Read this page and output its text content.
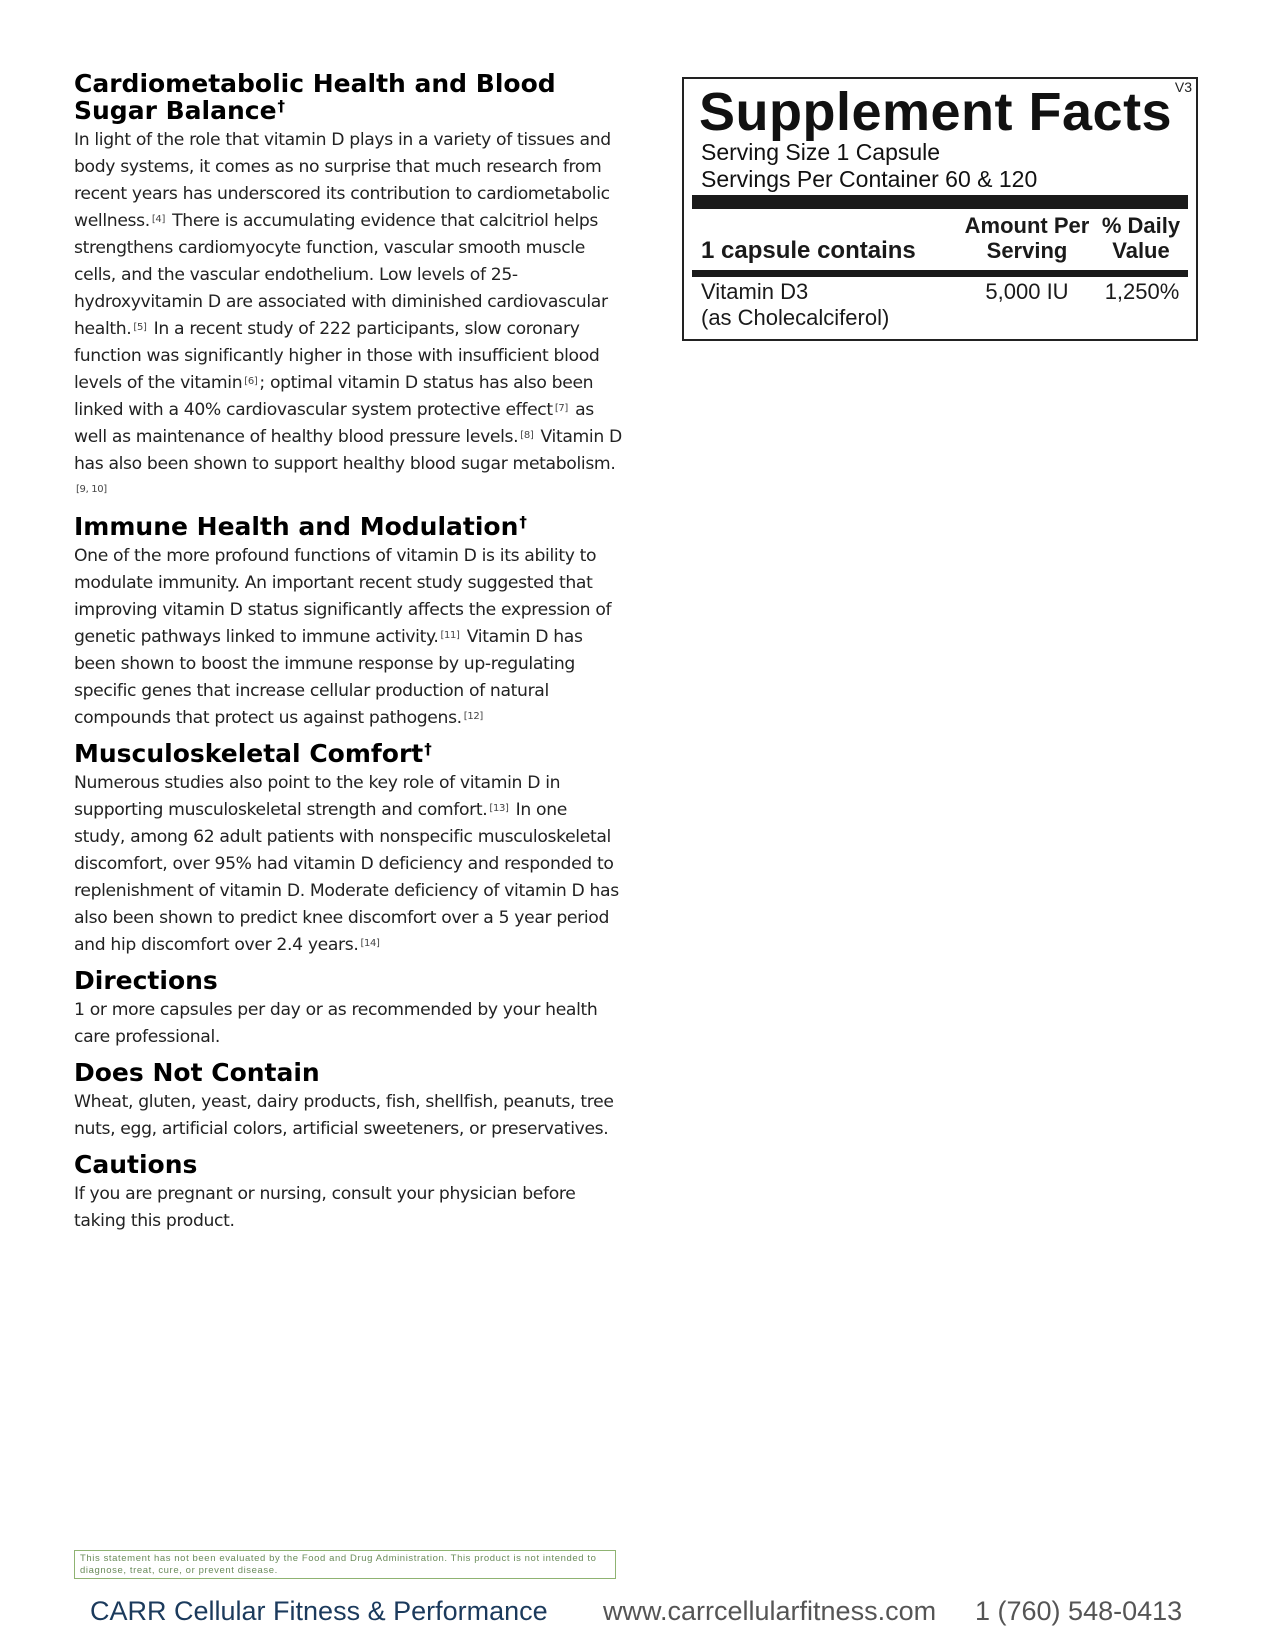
Cardiometabolic Health and Blood Sugar Balance†

In light of the role that vitamin D plays in a variety of tissues and body systems, it comes as no surprise that much research from recent years has underscored its contribution to cardiometabolic wellness. [4] There is accumulating evidence that calcitriol helps strengthens cardiomyocyte function, vascular smooth muscle cells, and the vascular endothelium. Low levels of 25-hydroxyvitamin D are associated with diminished cardiovascular health. [5] In a recent study of 222 participants, slow coronary function was significantly higher in those with insufficient blood levels of the vitamin [6] ; optimal vitamin D status has also been linked with a 40% cardiovascular system protective effect [7] as well as maintenance of healthy blood pressure levels. [8] Vitamin D has also been shown to support healthy blood sugar metabolism.[9, 10]

Immune Health and Modulation†

One of the more profound functions of vitamin D is its ability to modulate immunity. An important recent study suggested that improving vitamin D status significantly affects the expression of genetic pathways linked to immune activity. [11] Vitamin D has been shown to boost the immune response by up-regulating specific genes that increase cellular production of natural compounds that protect us against pathogens. [12]

Musculoskeletal Comfort†

Numerous studies also point to the key role of vitamin D in supporting musculoskeletal strength and comfort. [13] In one study, among 62 adult patients with nonspecific musculoskeletal discomfort, over 95% had vitamin D deficiency and responded to replenishment of vitamin D. Moderate deficiency of vitamin D has also been shown to predict knee discomfort over a 5 year period and hip discomfort over 2.4 years. [14]

Directions

1 or more capsules per day or as recommended by your health care professional.

Does Not Contain

Wheat, gluten, yeast, dairy products, fish, shellfish, peanuts, tree nuts, egg, artificial colors, artificial sweeteners, or preservatives.

Cautions

If you are pregnant or nursing, consult your physician before taking this product.

Supplement Facts V3
Serving Size 1 Capsule
Servings Per Container 60 & 120
1 capsule contains
Amount Per
Serving
% Daily
Value
Vitamin D3
(as Cholecalciferol)
5,000 IU	1,250%
This statement has not been evaluated by the Food and Drug Administration. This product is not intended to diagnose, treat, cure, or prevent disease.
CARR Cellular Fitness & Performance www.carrcellularfitness.com 1 (760) 548-0413
